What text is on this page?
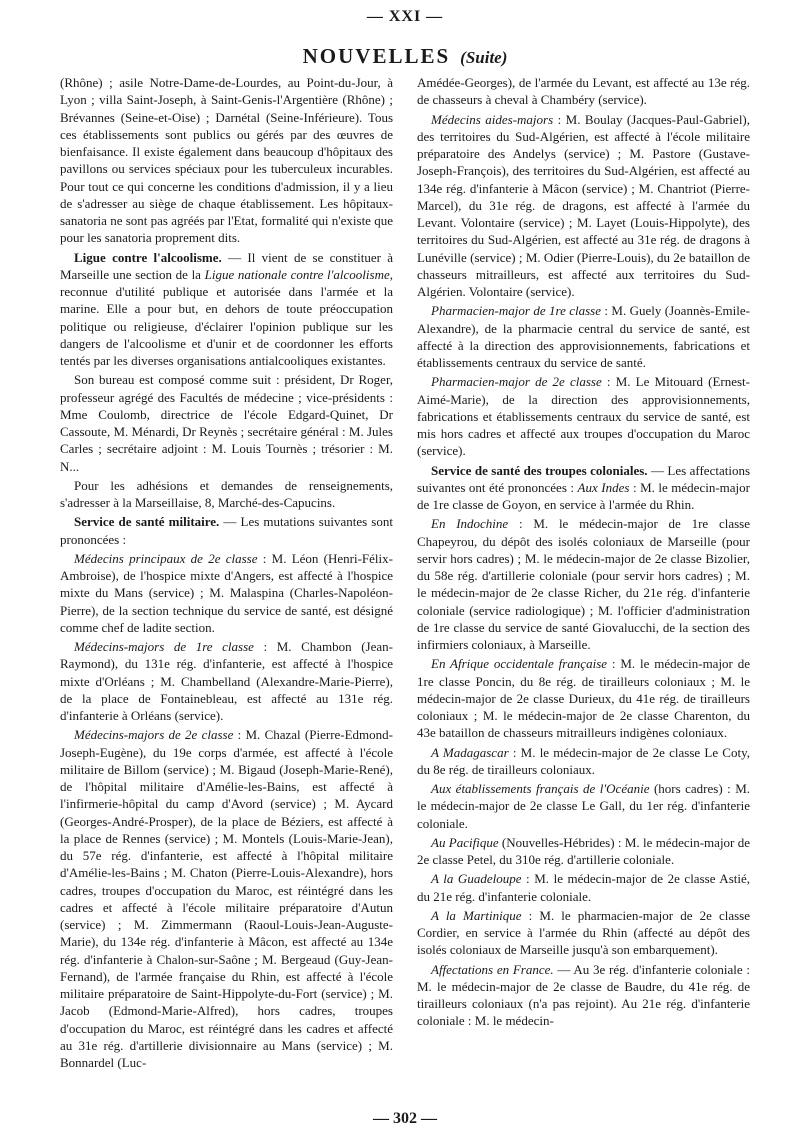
— XXI —
NOUVELLES (Suite)

(Rhône) ; asile Notre-Dame-de-Lourdes, au Point-du-Jour, à Lyon ; villa Saint-Joseph, à Saint-Genis-l'Argentière (Rhône) ; Brévannes (Seine-et-Oise) ; Darnétal (Seine-Inférieure). Tous ces établissements sont publics ou gérés par des œuvres de bienfaisance. Il existe également dans beaucoup d'hôpitaux des pavillons ou services spéciaux pour les tuberculeux incurables. Pour tout ce qui concerne les conditions d'admission, il y a lieu de s'adresser au siège de chaque établissement. Les hôpitaux-sanatoria ne sont pas agréés par l'Etat, formalité qui n'existe que pour les sanatoria proprement dits.

Ligue contre l'alcoolisme. — Il vient de se constituer à Marseille une section de la Ligue nationale contre l'alcoolisme, reconnue d'utilité publique et autorisée dans l'armée et la marine. Elle a pour but, en dehors de toute préoccupation politique ou religieuse, d'éclairer l'opinion publique sur les dangers de l'alcoolisme et d'unir et de coordonner les efforts tentés par les diverses organisations antialcooliques existantes.

Son bureau est composé comme suit : président, Dr Roger, professeur agrégé des Facultés de médecine ; vice-présidents : Mme Coulomb, directrice de l'école Edgard-Quinet, Dr Cassoute, M. Ménardi, Dr Reynès ; secrétaire général : M. Jules Carles ; secrétaire adjoint : M. Louis Tournès ; trésorier : M. N...

Pour les adhésions et demandes de renseignements, s'adresser à la Marseillaise, 8, Marché-des-Capucins.

Service de santé militaire. — Les mutations suivantes sont prononcées :

Médecins principaux de 2e classe : M. Léon (Henri-Félix-Ambroise), de l'hospice mixte d'Angers, est affecté à l'hospice mixte du Mans (service) ; M. Malaspina (Charles-Napoléon-Pierre), de la section technique du service de santé, est désigné comme chef de ladite section.

Médecins-majors de 1re classe : M. Chambon (Jean-Raymond), du 131e rég. d'infanterie, est affecté à l'hospice mixte d'Orléans ; M. Chambelland (Alexandre-Marie-Pierre), de la place de Fontainebleau, est affecté au 131e rég. d'infanterie à Orléans (service).

Médecins-majors de 2e classe : M. Chazal (Pierre-Edmond-Joseph-Eugène), du 19e corps d'armée, est affecté à l'école militaire de Billom (service) ; M. Bigaud (Joseph-Marie-René), de l'hôpital militaire d'Amélie-les-Bains, est affecté à l'infirmerie-hôpital du camp d'Avord (service) ; M. Aycard (Georges-André-Prosper), de la place de Béziers, est affecté à la place de Rennes (service) ; M. Montels (Louis-Marie-Jean), du 57e rég. d'infanterie, est affecté à l'hôpital militaire d'Amélie-les-Bains ; M. Chaton (Pierre-Louis-Alexandre), hors cadres, troupes d'occupation du Maroc, est réintégré dans les cadres et affecté à l'école militaire préparatoire d'Autun (service) ; M. Zimmermann (Raoul-Louis-Jean-Auguste-Marie), du 134e rég. d'infanterie à Mâcon, est affecté au 134e rég. d'infanterie à Chalon-sur-Saône ; M. Bergeaud (Guy-Jean-Fernand), de l'armée française du Rhin, est affecté à l'école militaire préparatoire de Saint-Hippolyte-du-Fort (service) ; M. Jacob (Edmond-Marie-Alfred), hors cadres, troupes d'occupation du Maroc, est réintégré dans les cadres et affecté au 31e rég. d'artillerie divisionnaire au Mans (service) ; M. Bonnardel (Luc-

Amédée-Georges), de l'armée du Levant, est affecté au 13e rég. de chasseurs à cheval à Chambéry (service).

Médecins aides-majors : M. Boulay (Jacques-Paul-Gabriel), des territoires du Sud-Algérien, est affecté à l'école militaire préparatoire des Andelys (service) ; M. Pastore (Gustave-Joseph-François), des territoires du Sud-Algérien, est affecté au 134e rég. d'infanterie à Mâcon (service) ; M. Chantriot (Pierre-Marcel), du 31e rég. de dragons, est affecté à l'armée du Levant. Volontaire (service) ; M. Layet (Louis-Hippolyte), des territoires du Sud-Algérien, est affecté au 31e rég. de dragons à Lunéville (service) ; M. Odier (Pierre-Louis), du 2e bataillon de chasseurs mitrailleurs, est affecté aux territoires du Sud-Algérien. Volontaire (service).

Pharmacien-major de 1re classe : M. Guely (Joannès-Emile-Alexandre), de la pharmacie central du service de santé, est affecté à la direction des approvisionnements, fabrications et établissements centraux du service de santé.

Pharmacien-major de 2e classe : M. Le Mitouard (Ernest-Aimé-Marie), de la direction des approvisionnements, fabrications et établissements centraux du service de santé, est mis hors cadres et affecté aux troupes d'occupation du Maroc (service).

Service de santé des troupes coloniales. — Les affectations suivantes ont été prononcées : Aux Indes : M. le médecin-major de 1re classe de Goyon, en service à l'armée du Rhin.

En Indochine : M. le médecin-major de 1re classe Chapeyrou, du dépôt des isolés coloniaux de Marseille (pour servir hors cadres) ; M. le médecin-major de 2e classe Bizolier, du 58e rég. d'artillerie coloniale (pour servir hors cadres) ; M. le médecin-major de 2e classe Richer, du 21e rég. d'infanterie coloniale (service radiologique) ; M. l'officier d'administration de 1re classe du service de santé Giovalucchi, de la section des infirmiers coloniaux, à Marseille.

En Afrique occidentale française : M. le médecin-major de 1re classe Poncin, du 8e rég. de tirailleurs coloniaux ; M. le médecin-major de 2e classe Durieux, du 41e rég. de tirailleurs coloniaux ; M. le médecin-major de 2e classe Charenton, du 43e bataillon de chasseurs mitrailleurs indigènes coloniaux.

A Madagascar : M. le médecin-major de 2e classe Le Coty, du 8e rég. de tirailleurs coloniaux.

Aux établissements français de l'Océanie (hors cadres) : M. le médecin-major de 2e classe Le Gall, du 1er rég. d'infanterie coloniale.

Au Pacifique (Nouvelles-Hébrides) : M. le médecin-major de 2e classe Petel, du 310e rég. d'artillerie coloniale.

A la Guadeloupe : M. le médecin-major de 2e classe Astié, du 21e rég. d'infanterie coloniale.

A la Martinique : M. le pharmacien-major de 2e classe Cordier, en service à l'armée du Rhin (affecté au dépôt des isolés coloniaux de Marseille jusqu'à son embarquement).

Affectations en France. — Au 3e rég. d'infanterie coloniale : M. le médecin-major de 2e classe de Baudre, du 41e rég. de tirailleurs coloniaux (n'a pas rejoint). Au 21e rég. d'infanterie coloniale : M. le médecin-

— 302 —
